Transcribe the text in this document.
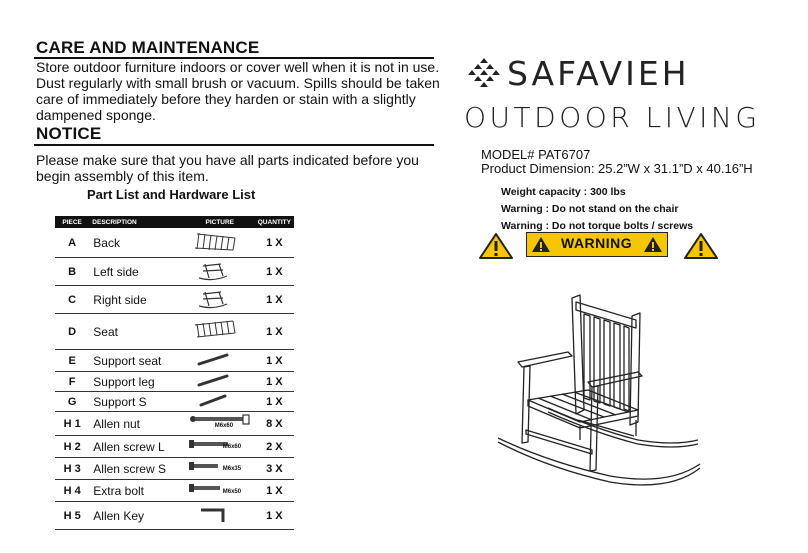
CARE AND MAINTENANCE
Store outdoor furniture indoors or cover well when it is not in use.
Dust regularly with small brush or vacuum. Spills should be taken
care of immediately before they harden or stain with a slightly
dampened sponge.
NOTICE
Please make sure that you have all parts indicated before you
begin assembly of this item.
Part List and Hardware List
PIECE	DESCRIPTION	PICTURE	QUANTITY
A	Back		1 X
B	Left side		1 X
C	Right side		1 X
D	Seat		1 X
E	Support seat		1 X
F	Support leg		1 X
G	Support S		1 X
H 1	Allen nut	M6x60	8 X
H 2	Allen screw L	M6x60	2 X
H 3	Allen screw S	M6x35	3 X
H 4	Extra bolt	M6x50	1 X
H 5	Allen Key		1 X
SAFAVIEH
OUTDOOR LIVING
MODEL# PAT6707
Product Dimension: 25.2”W x 31.1”D x 40.16”H
Weight capacity : 300 lbs
Warning : Do not stand on the chair
Warning : Do not torque bolts / screws
WARNING
